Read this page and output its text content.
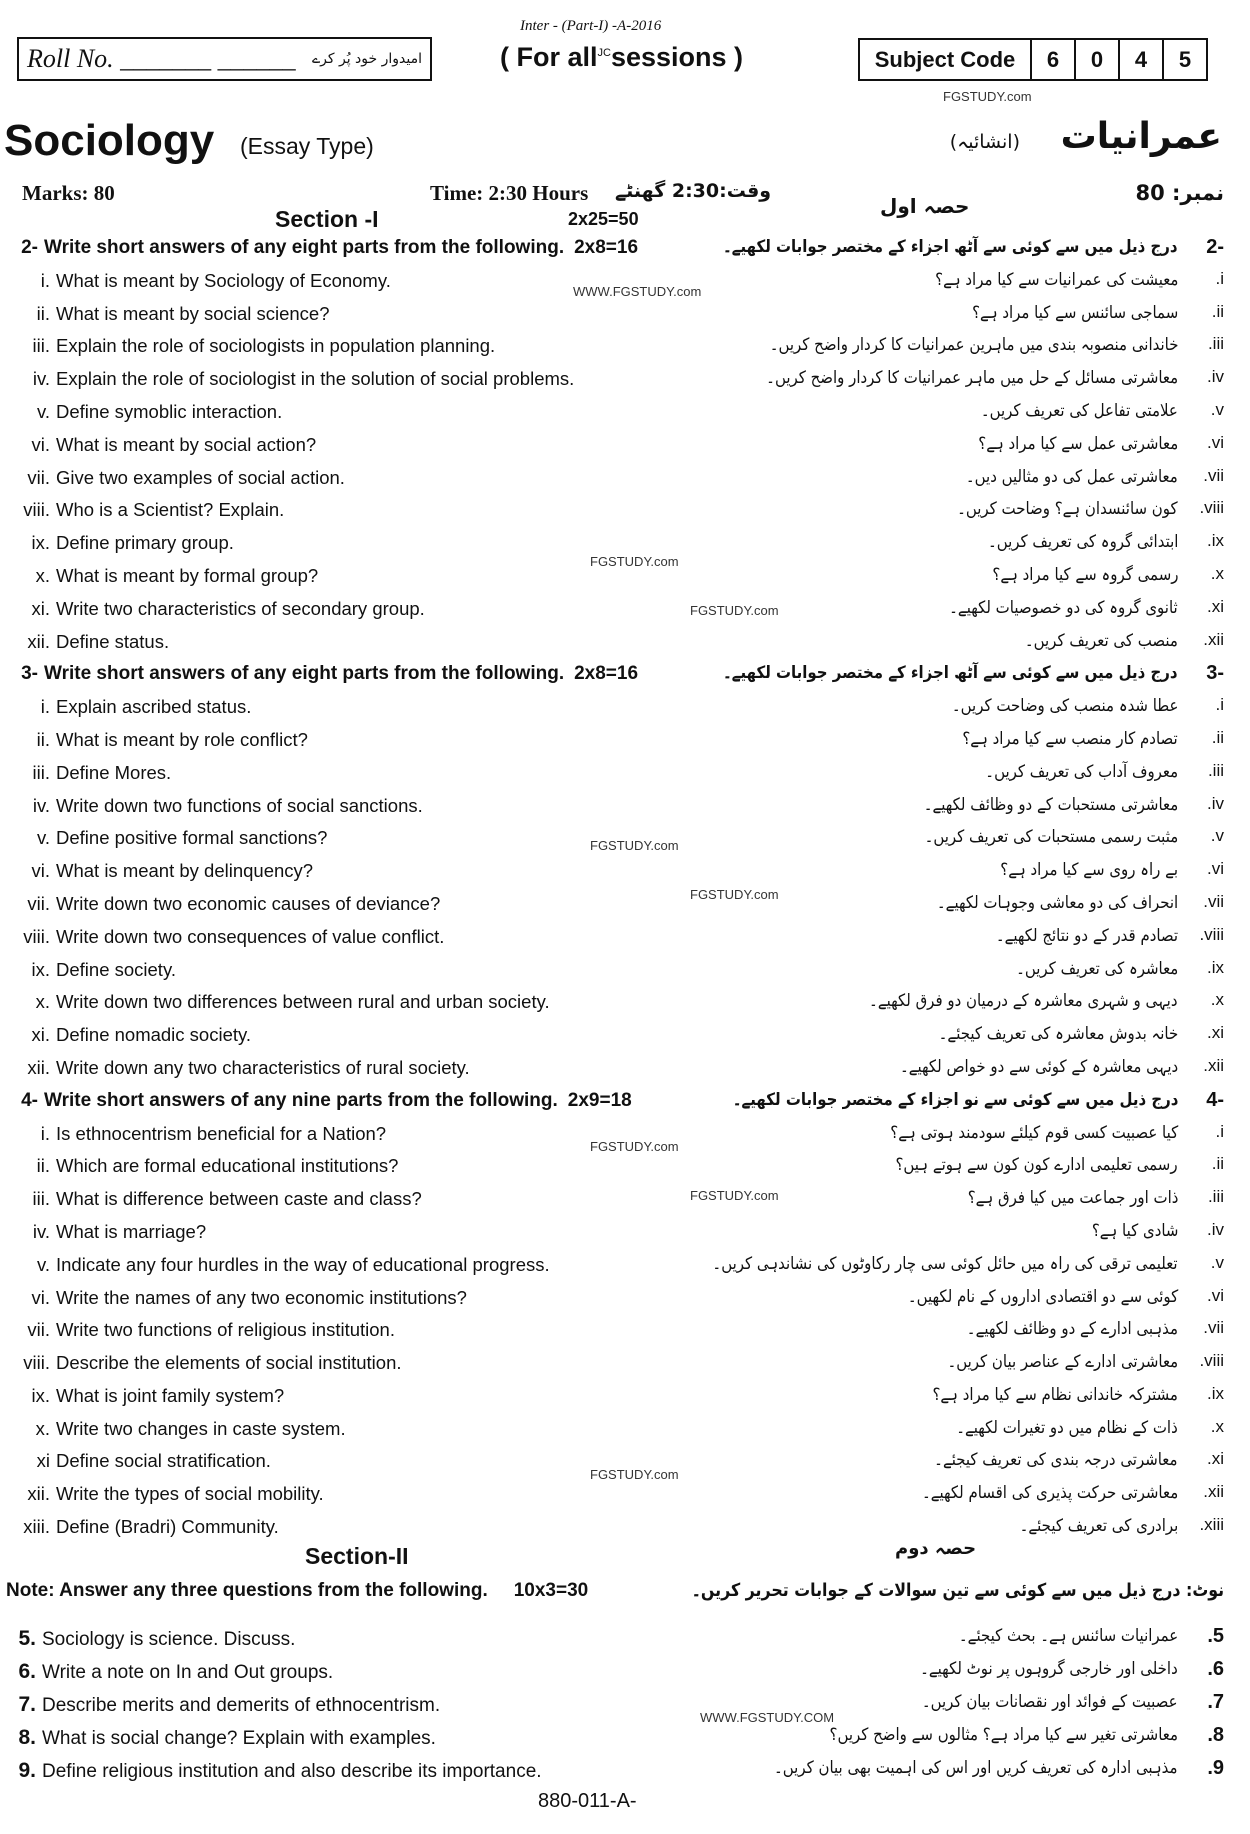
Inter - (Part-I) -A-2016
Roll No. _______ ______ امیدوار خود پُر کرے	( For all$^{JC}$sessions )	Subject Code	6	0	4	5
FGSTUDY.com
Sociology (Essay Type)	عمرانیات
(انشائیہ)
Marks: 80	Time: 2:30 Hours وقت:2:30 گھنٹے	نمبر: 80
Section -I	2x25=50
حصہ اول
2- Write short answers of any eight parts from the following. 2x8=16	2-
درج ذیل میں سے کوئی سے آٹھ اجزاء کے مختصر جوابات لکھیے۔
i. What is meant by Sociology of Economy.	.i
معیشت کی عمرانیات سے کیا مراد ہے؟
ii. What is meant by social science?	.ii
سماجی سائنس سے کیا مراد ہے؟
iii. Explain the role of sociologists in population planning.	.iii
خاندانی منصوبہ بندی میں ماہرین عمرانیات کا کردار واضح کریں۔
iv. Explain the role of sociologist in the solution of social problems.	.iv
معاشرتی مسائل کے حل میں ماہر عمرانیات کا کردار واضح کریں۔
v. Define symoblic interaction.	.v
علامتی تفاعل کی تعریف کریں۔
vi. What is meant by social action?	.vi
معاشرتی عمل سے کیا مراد ہے؟
vii. Give two examples of social action.	.vii
معاشرتی عمل کی دو مثالیں دیں۔
viii. Who is a Scientist? Explain.	.viii
کون سائنسدان ہے؟ وضاحت کریں۔
ix. Define primary group.	.ix
ابتدائی گروہ کی تعریف کریں۔
x. What is meant by formal group?	.x
رسمی گروہ سے کیا مراد ہے؟
xi. Write two characteristics of secondary group.	.xi
ثانوی گروہ کی دو خصوصیات لکھیے۔
xii. Define status.	.xii
منصب کی تعریف کریں۔
3- Write short answers of any eight parts from the following. 2x8=16	3-
درج ذیل میں سے کوئی سے آٹھ اجزاء کے مختصر جوابات لکھیے۔
i. Explain ascribed status.	.i
عطا شدہ منصب کی وضاحت کریں۔
ii. What is meant by role conflict?	.ii
تصادم کار منصب سے کیا مراد ہے؟
iii. Define Mores.	.iii
معروف آداب کی تعریف کریں۔
iv. Write down two functions of social sanctions.	.iv
معاشرتی مستحبات کے دو وظائف لکھیے۔
v. Define positive formal sanctions?	.v
مثبت رسمی مستحبات کی تعریف کریں۔
vi. What is meant by delinquency?	.vi
بے راہ روی سے کیا مراد ہے؟
vii. Write down two economic causes of deviance?	.vii
انحراف کی دو معاشی وجوہات لکھیے۔
viii. Write down two consequences of value conflict.	.viii
تصادم قدر کے دو نتائج لکھیے۔
ix. Define society.	.ix
معاشرہ کی تعریف کریں۔
x. Write down two differences between rural and urban society.	.x
دیہی و شہری معاشرہ کے درمیان دو فرق لکھیے۔
xi. Define nomadic society.	.xi
خانہ بدوش معاشرہ کی تعریف کیجئے۔
xii. Write down any two characteristics of rural society.	.xii
دیہی معاشرہ کے کوئی سے دو خواص لکھیے۔
4- Write short answers of any nine parts from the following. 2x9=18	4-
درج ذیل میں سے کوئی سے نو اجزاء کے مختصر جوابات لکھیے۔
i. Is ethnocentrism beneficial for a Nation?	.i
کیا عصبیت کسی قوم کیلئے سودمند ہوتی ہے؟
ii. Which are formal educational institutions?	.ii
رسمی تعلیمی ادارے کون کون سے ہوتے ہیں؟
iii. What is difference between caste and class?	.iii
ذات اور جماعت میں کیا فرق ہے؟
iv. What is marriage?	.iv
شادی کیا ہے؟
v. Indicate any four hurdles in the way of educational progress.	.v
تعلیمی ترقی کی راہ میں حائل کوئی سی چار رکاوٹوں کی نشاندہی کریں۔
vi. Write the names of any two economic institutions?	.vi
کوئی سے دو اقتصادی اداروں کے نام لکھیں۔
vii. Write two functions of religious institution.	.vii
مذہبی ادارے کے دو وظائف لکھیے۔
viii. Describe the elements of social institution.	.viii
معاشرتی ادارے کے عناصر بیان کریں۔
ix. What is joint family system?	.ix
مشترکہ خاندانی نظام سے کیا مراد ہے؟
x. Write two changes in caste system.	.x
ذات کے نظام میں دو تغیرات لکھیے۔
xi Define social stratification.	.xi
معاشرتی درجہ بندی کی تعریف کیجئے۔
xii. Write the types of social mobility.	.xii
معاشرتی حرکت پذیری کی اقسام لکھیے۔
xiii. Define (Bradri) Community.	.xiii
برادری کی تعریف کیجئے۔
WWW.FGSTUDY.com
FGSTUDY.com
FGSTUDY.com
FGSTUDY.com
FGSTUDY.com
FGSTUDY.com
FGSTUDY.com
FGSTUDY.com
Section-II	حصہ دوم
Note: Answer any three questions from the following. 10x3=30	نوٹ: درج ذیل میں سے کوئی سے تین سوالات کے جوابات تحریر کریں۔
5. Sociology is science. Discuss.	.5
عمرانیات سائنس ہے۔ بحث کیجئے۔
6. Write a note on In and Out groups.	.6
داخلی اور خارجی گروہوں پر نوٹ لکھیے۔
7. Describe merits and demerits of ethnocentrism.	.7
عصبیت کے فوائد اور نقصانات بیان کریں۔
8. What is social change? Explain with examples.	.8
معاشرتی تغیر سے کیا مراد ہے؟ مثالوں سے واضح کریں؟
9. Define religious institution and also describe its importance.	.9
مذہبی ادارہ کی تعریف کریں اور اس کی اہمیت بھی بیان کریں۔
WWW.FGSTUDY.COM
880-011-A-
